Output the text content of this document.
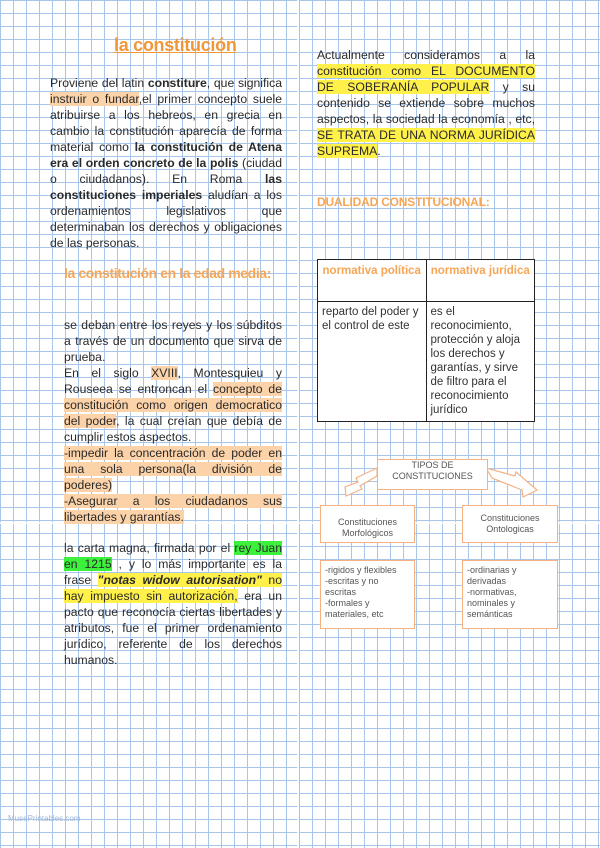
la constitución

Proviene del latin constiture, que significa instruir o fundar,el primer concepto suele atribuirse a los hebreos, en grecia en cambio la constitución aparecía de forma material como la constitución de Atena era el orden concreto de la polis (ciudad o ciudadanos). En Roma las constituciones imperiales aludían a los ordenamientos legislativos que determinaban los derechos y obligaciones de las personas.

la constitución en la edad media:

se deban entre los reyes y los súbditos a través de un documento que sirva de prueba.
En el siglo XVIII, Montesquieu y Rouseea se entroncan el concepto de constitución como origen democratico del poder, la cual creían que debía de cumplir estos aspectos.
-impedir la concentración de poder en una sola persona(la división de poderes)
-Asegurar a los ciudadanos sus libertades y garantías.

la carta magna, firmada por el rey Juan en 1215 , y lo más importante es la frase "notas widow autorisation" no hay impuesto sin autorización, era un pacto que reconocía ciertas libertades y atributos, fue el primer ordenamiento jurídico, referente de los derechos humanos.

Actualmente consideramos a la constitución como EL DOCUMENTO DE SOBERANÍA POPULAR y su contenido se extiende sobre muchos aspectos, la sociedad la economía , etc, SE TRATA DE UNA NORMA JURÍDICA SUPREMA.

DUALIDAD CONSTITUCIONAL:
normativa política	normativa jurídica
reparto del poder y el control de este	es el reconocimiento, protección y aloja los derechos y garantías, y sirve de filtro para el reconocimiento jurídico
TIPOS DE
CONSTITUCIONES
Constituciones
Morfológicos
Constituciones
Ontologicas
-rigidos y flexibles
-escritas y no escritas
-formales y materiales, etc
-ordinarias y derivadas
-normativas, nominales y semánticas
MusePrintables.com
